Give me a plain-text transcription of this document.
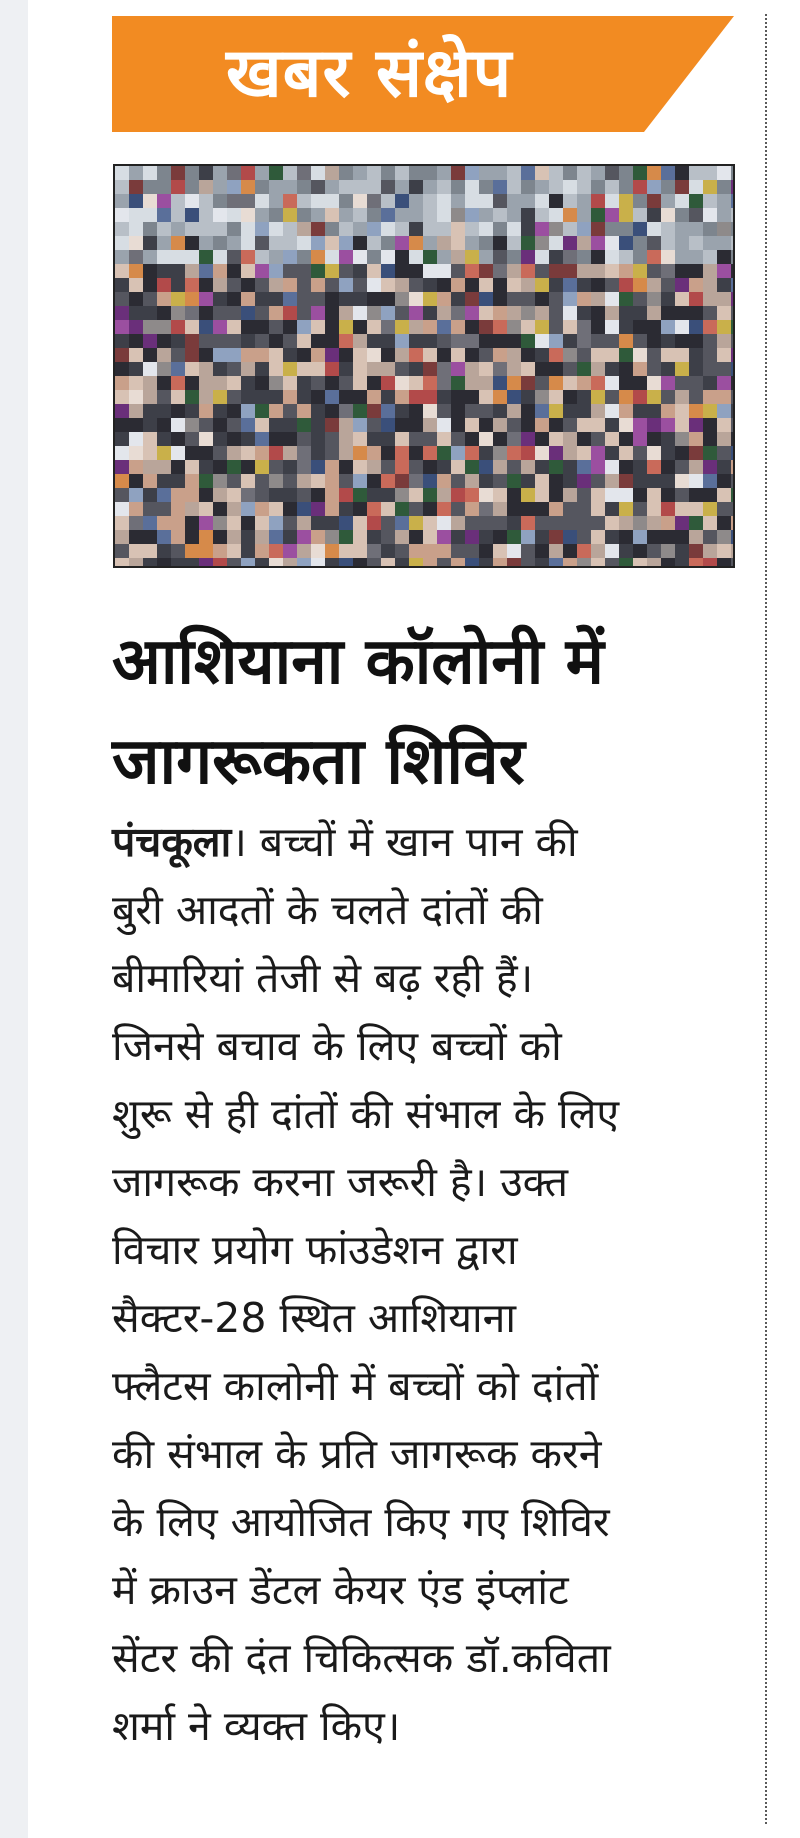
खबर संक्षेप
आशियाना कॉलोनी में
जागरूकता शिविर
पंचकूला। बच्चों में खान पान की
बुरी आदतों के चलते दांतों की
बीमारियां तेजी से बढ़ रही हैं।
जिनसे बचाव के लिए बच्चों को
शुरू से ही दांतों की संभाल के लिए
जागरूक करना जरूरी है। उक्त
विचार प्रयोग फांउडेशन द्वारा
सैक्टर-28 स्थित आशियाना
फ्लैटस कालोनी में बच्चों को दांतों
की संभाल के प्रति जागरूक करने
के लिए आयोजित किए गए शिविर
में क्राउन डेंटल केयर एंड इंप्लांट
सेंटर की दंत चिकित्सक डॉ.कविता
शर्मा ने व्यक्त किए।
